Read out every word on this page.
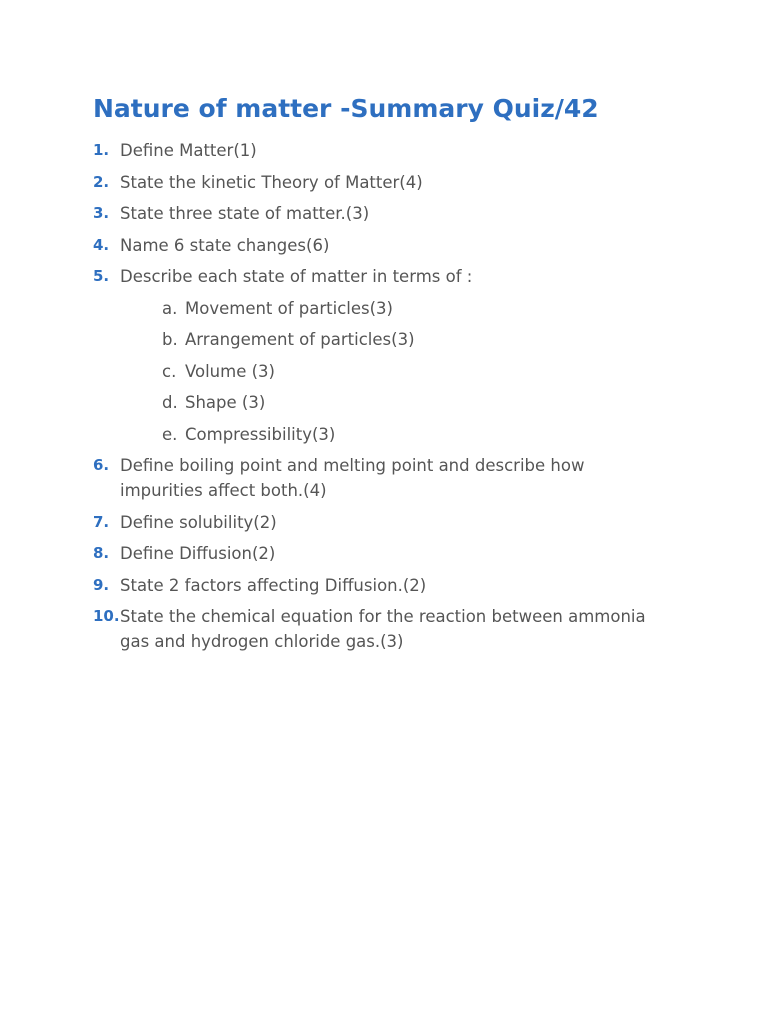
Nature of matter -Summary Quiz/42
1. Define Matter(1)
2. State the kinetic Theory of Matter(4)
3. State three state of matter.(3)
4. Name 6 state changes(6)
5. Describe each state of matter in terms of :
a. Movement of particles(3)
b. Arrangement of particles(3)
c. Volume (3)
d. Shape (3)
e. Compressibility(3)
6. Define boiling point and melting point and describe how impurities affect both.(4)
7. Define solubility(2)
8. Define Diffusion(2)
9. State 2 factors affecting Diffusion.(2)
10. State the chemical equation for the reaction between ammonia gas and hydrogen chloride gas.(3)
